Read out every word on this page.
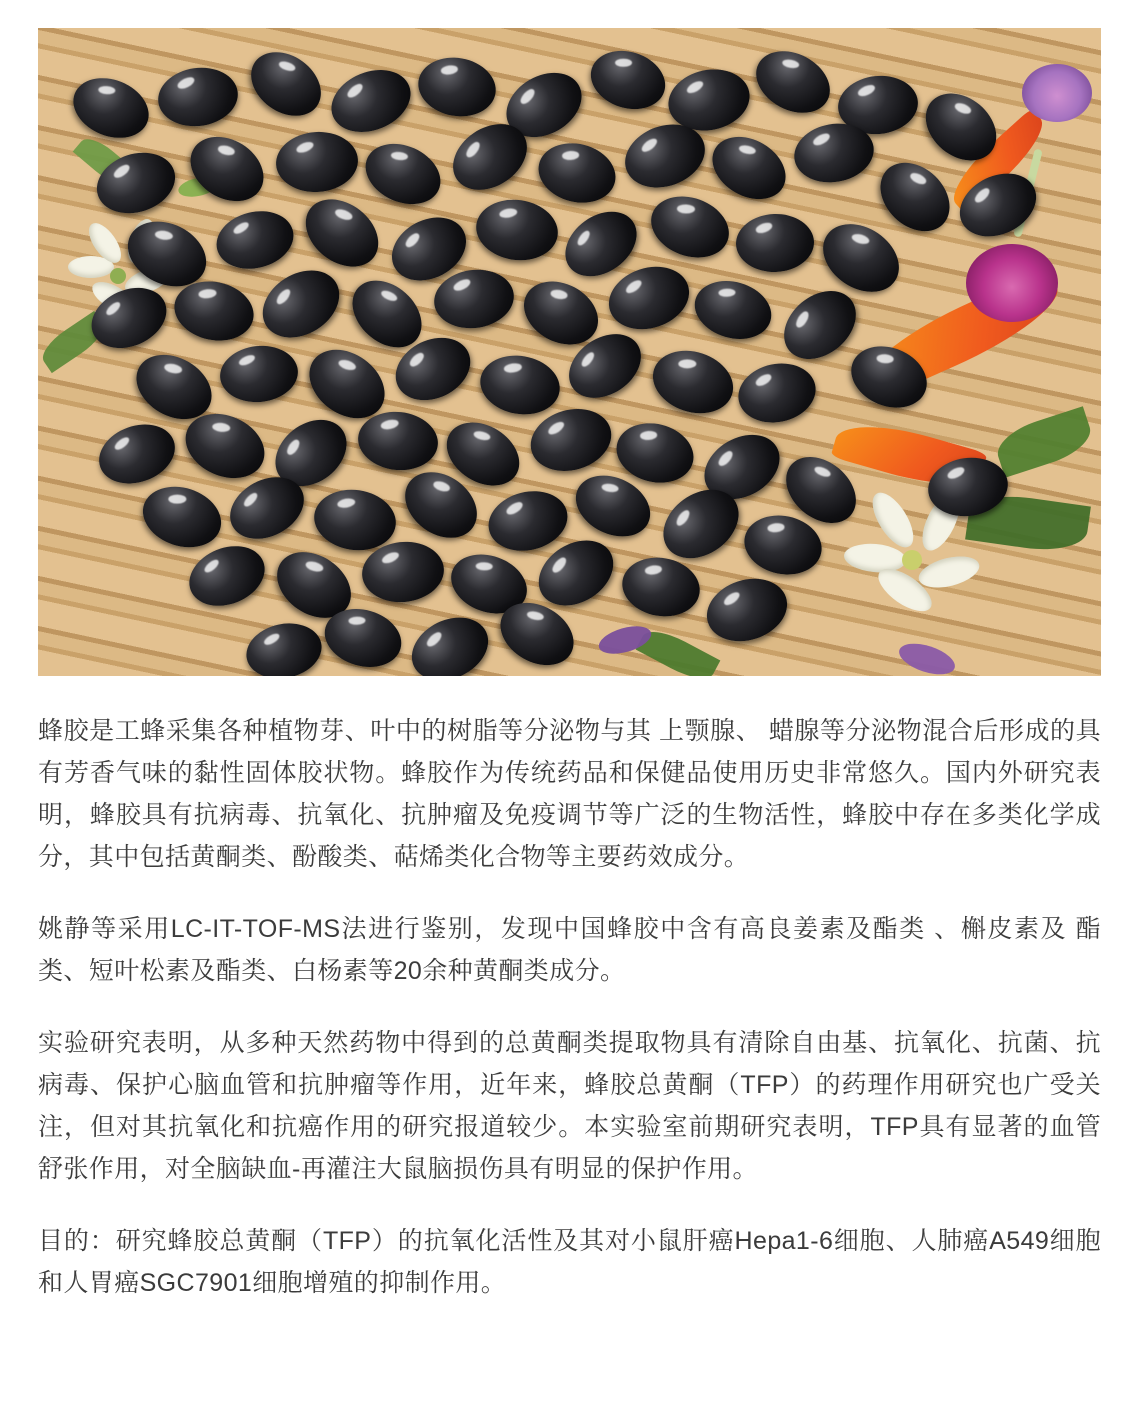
蜂胶是工蜂采集各种植物芽、叶中的树脂等分泌物与其 上颚腺、 蜡腺等分泌物混合后形成的具有芳香气味的黏性固体胶状物。蜂胶作为传统药品和保健品使用历史非常悠久。国内外研究表明，蜂胶具有抗病毒、抗氧化、抗肿瘤及免疫调节等广泛的生物活性，蜂胶中存在多类化学成分，其中包括黄酮类、酚酸类、萜烯类化合物等主要药效成分。

姚静等采用LC-IT-TOF-MS法进行鉴别，发现中国蜂胶中含有高良姜素及酯类 、槲皮素及 酯类、短叶松素及酯类、白杨素等20余种黄酮类成分。

实验研究表明，从多种天然药物中得到的总黄酮类提取物具有清除自由基、抗氧化、抗菌、抗病毒、保护心脑血管和抗肿瘤等作用，近年来，蜂胶总黄酮（TFP）的药理作用研究也广受关注，但对其抗氧化和抗癌作用的研究报道较少。本实验室前期研究表明，TFP具有显著的血管舒张作用，对全脑缺血-再灌注大鼠脑损伤具有明显的保护作用。

目的：研究蜂胶总黄酮（TFP）的抗氧化活性及其对小鼠肝癌Hepa1-6细胞、人肺癌A549细胞和人胃癌SGC7901细胞增殖的抑制作用。
